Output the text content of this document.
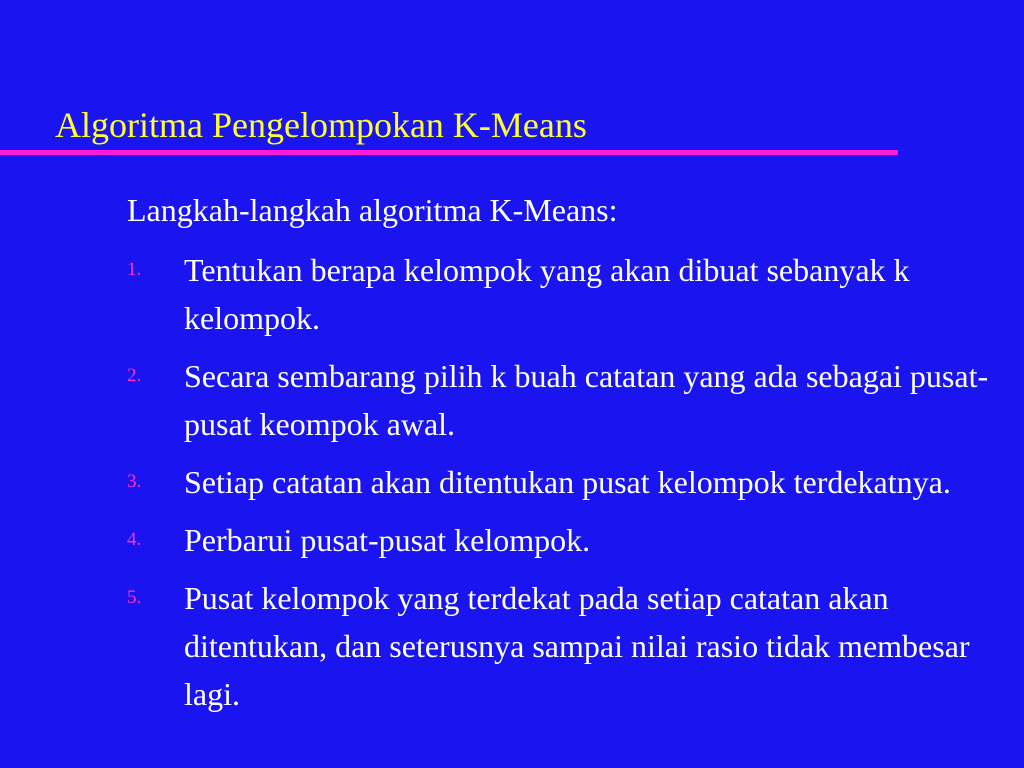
Algoritma Pengelompokan K-Means
Langkah-langkah algoritma K-Means:
1. Tentukan berapa kelompok yang akan dibuat sebanyak k kelompok.
2. Secara sembarang pilih k buah catatan yang ada sebagai pusat-pusat keompok awal.
3. Setiap catatan akan ditentukan pusat kelompok terdekatnya.
4. Perbarui pusat-pusat kelompok.
5. Pusat kelompok yang terdekat pada setiap catatan akan ditentukan, dan seterusnya sampai nilai rasio tidak membesar lagi.
